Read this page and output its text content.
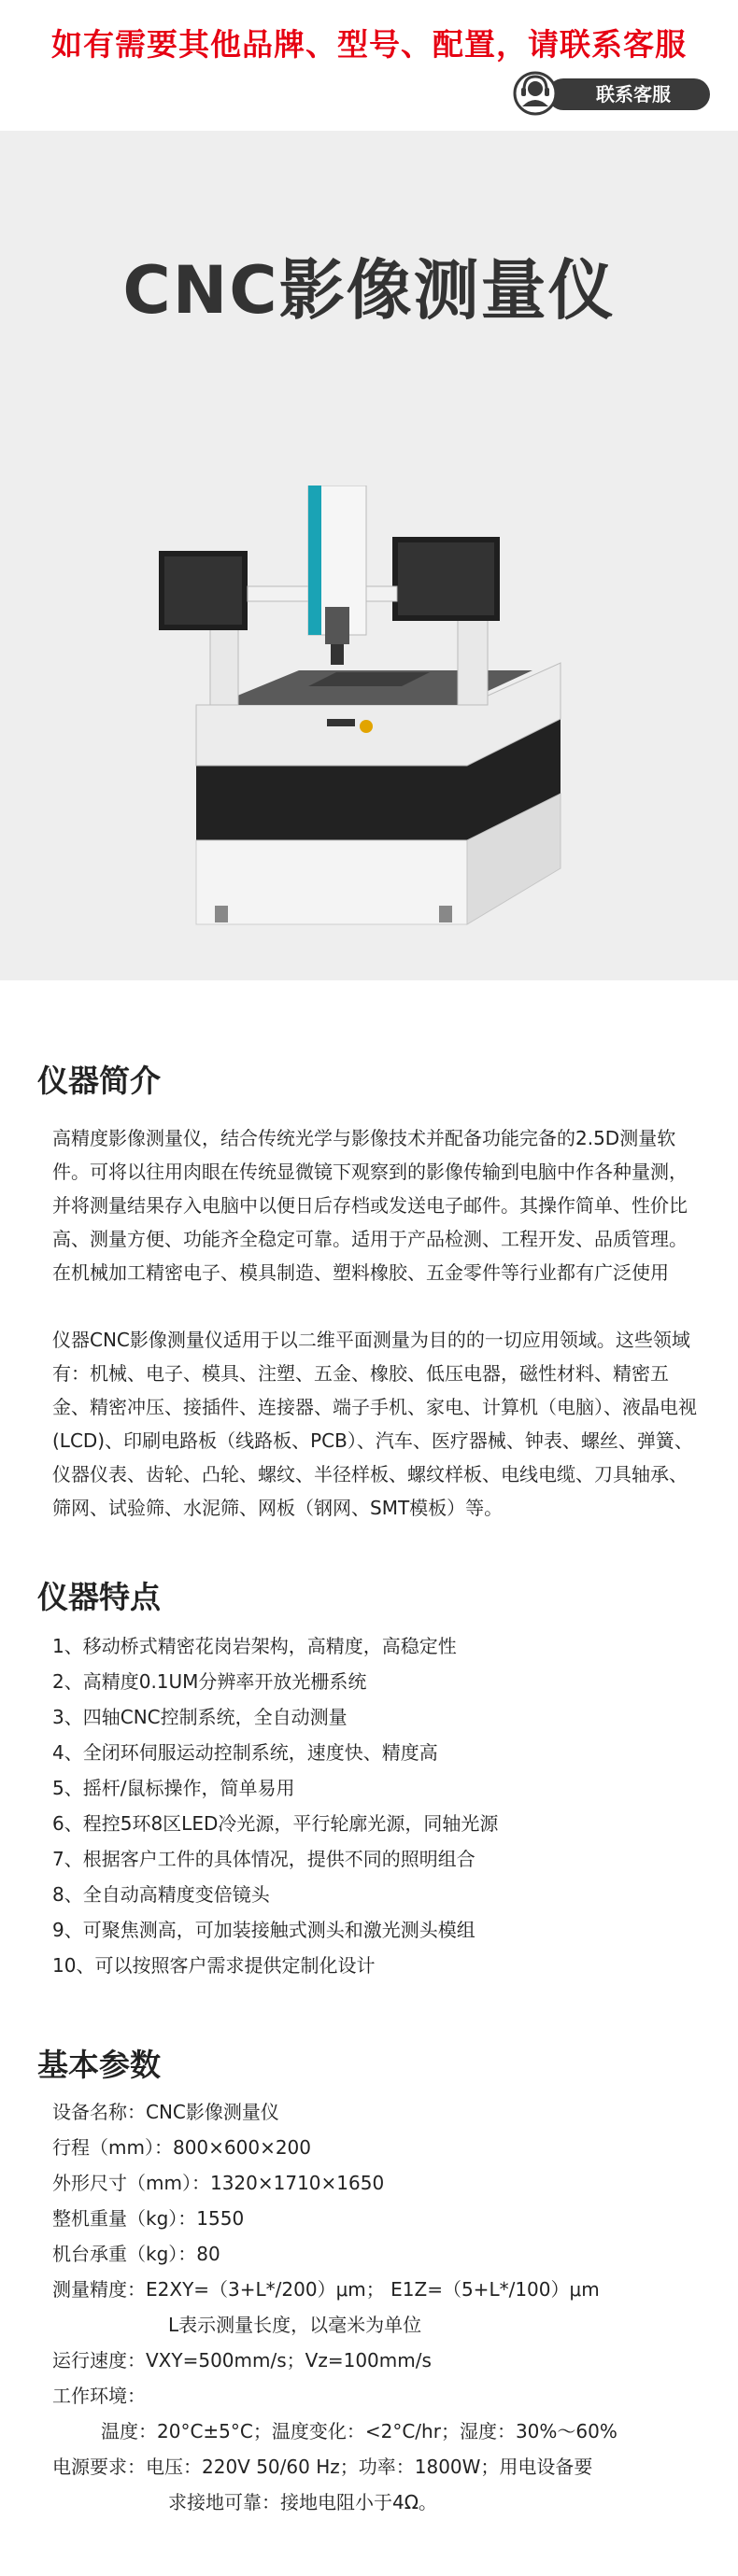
如有需要其他品牌、型号、配置，请联系客服
联系客服
CNC影像测量仪
仪器简介
高精度影像测量仪，结合传统光学与影像技术并配备功能完备的2.5D测量软件。可将以往用肉眼在传统显微镜下观察到的影像传输到电脑中作各种量测，并将测量结果存入电脑中以便日后存档或发送电子邮件。其操作简单、性价比高、测量方便、功能齐全稳定可靠。适用于产品检测、工程开发、品质管理。在机械加工精密电子、模具制造、塑料橡胶、五金零件等行业都有广泛使用
仪器CNC影像测量仪适用于以二维平面测量为目的的一切应用领域。这些领域有：机械、电子、模具、注塑、五金、橡胶、低压电器，磁性材料、精密五金、精密冲压、接插件、连接器、端子手机、家电、计算机（电脑）、液晶电视(LCD)、印刷电路板（线路板、PCB）、汽车、医疗器械、钟表、螺丝、弹簧、仪器仪表、齿轮、凸轮、螺纹、半径样板、螺纹样板、电线电缆、刀具轴承、筛网、试验筛、水泥筛、网板（钢网、SMT模板）等。
仪器特点
1、移动桥式精密花岗岩架构，高精度，高稳定性
2、高精度0.1UM分辨率开放光栅系统
3、四轴CNC控制系统，全自动测量
4、全闭环伺服运动控制系统，速度快、精度高
5、摇杆/鼠标操作，简单易用
6、程控5环8区LED冷光源，平行轮廓光源，同轴光源
7、根据客户工件的具体情况，提供不同的照明组合
8、全自动高精度变倍镜头
9、可聚焦测高，可加装接触式测头和激光测头模组
10、可以按照客户需求提供定制化设计
基本参数
设备名称： CNC影像测量仪
行程（mm）： 800×600×200
外形尺寸（mm）： 1320×1710×1650
整机重量（kg）： 1550
机台承重（kg）： 80
测量精度： E2XY=（3+L*/200）μm； E1Z=（5+L*/100）μm
L表示测量长度，以毫米为单位
运行速度： VXY=500mm/s；Vz=100mm/s
工作环境：
温度：20°C±5°C；温度变化：<2°C/hr；湿度：30%～60%
电源要求： 电压：220V 50/60 Hz；功率：1800W；用电设备要
求接地可靠：接地电阻小于4Ω。
